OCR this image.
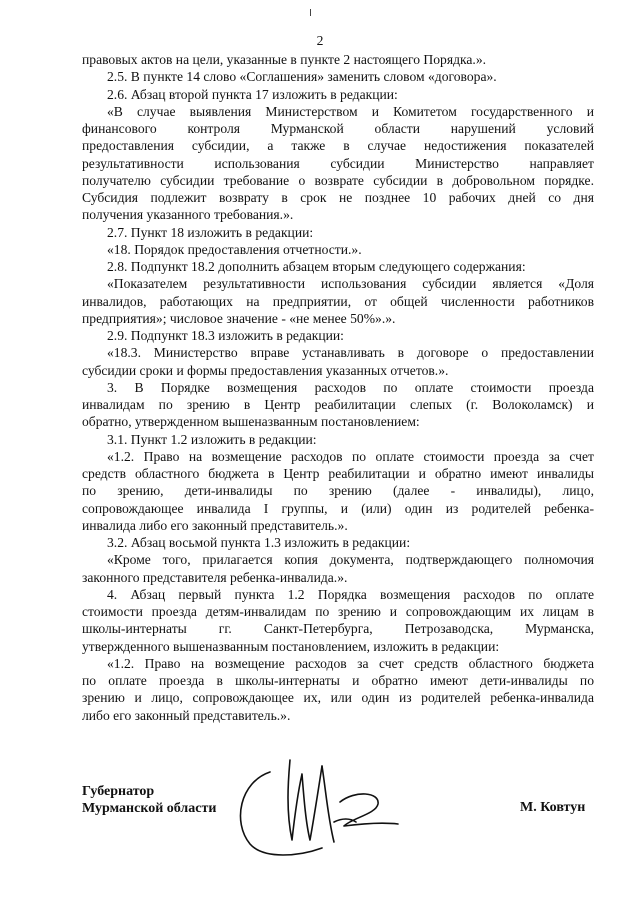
2
правовых актов на цели, указанные в пункте 2 настоящего Порядка.».
2.5. В пункте 14 слово «Соглашения» заменить словом «договора».
2.6. Абзац второй пункта 17 изложить в редакции:
«В случае выявления Министерством и Комитетом государственного и
финансового контроля Мурманской области нарушений условий
предоставления субсидии, а также в случае недостижения показателей
результативности использования субсидии Министерство направляет
получателю субсидии требование о возврате субсидии в добровольном порядке.
Субсидия подлежит возврату в срок не позднее 10 рабочих дней со дня
получения указанного требования.».
2.7. Пункт 18 изложить в редакции:
«18. Порядок предоставления отчетности.».
2.8. Подпункт 18.2 дополнить абзацем вторым следующего содержания:
«Показателем результативности использования субсидии является «Доля
инвалидов, работающих на предприятии, от общей численности работников
предприятия»; числовое значение - «не менее 50%».».
2.9. Подпункт 18.3 изложить в редакции:
«18.3. Министерство вправе устанавливать в договоре о предоставлении
субсидии сроки и формы предоставления указанных отчетов.».
3. В Порядке возмещения расходов по оплате стоимости проезда
инвалидам по зрению в Центр реабилитации слепых (г. Волоколамск) и
обратно, утвержденном вышеназванным постановлением:
3.1. Пункт 1.2 изложить в редакции:
«1.2. Право на возмещение расходов по оплате стоимости проезда за счет
средств областного бюджета в Центр реабилитации и обратно имеют инвалиды
по зрению, дети-инвалиды по зрению (далее - инвалиды), лицо,
сопровождающее инвалида I группы, и (или) один из родителей ребенка-
инвалида либо его законный представитель.».
3.2. Абзац восьмой пункта 1.3 изложить в редакции:
«Кроме того, прилагается копия документа, подтверждающего полномочия
законного представителя ребенка-инвалида.».
4. Абзац первый пункта 1.2 Порядка возмещения расходов по оплате
стоимости проезда детям-инвалидам по зрению и сопровождающим их лицам в
школы-интернаты гг. Санкт-Петербурга, Петрозаводска, Мурманска,
утвержденного вышеназванным постановлением, изложить в редакции:
«1.2. Право на возмещение расходов за счет средств областного бюджета
по оплате проезда в школы-интернаты и обратно имеют дети-инвалиды по
зрению и лицо, сопровождающее их, или один из родителей ребенка-инвалида
либо его законный представитель.».
Губернатор
Мурманской области	М. Ковтун
